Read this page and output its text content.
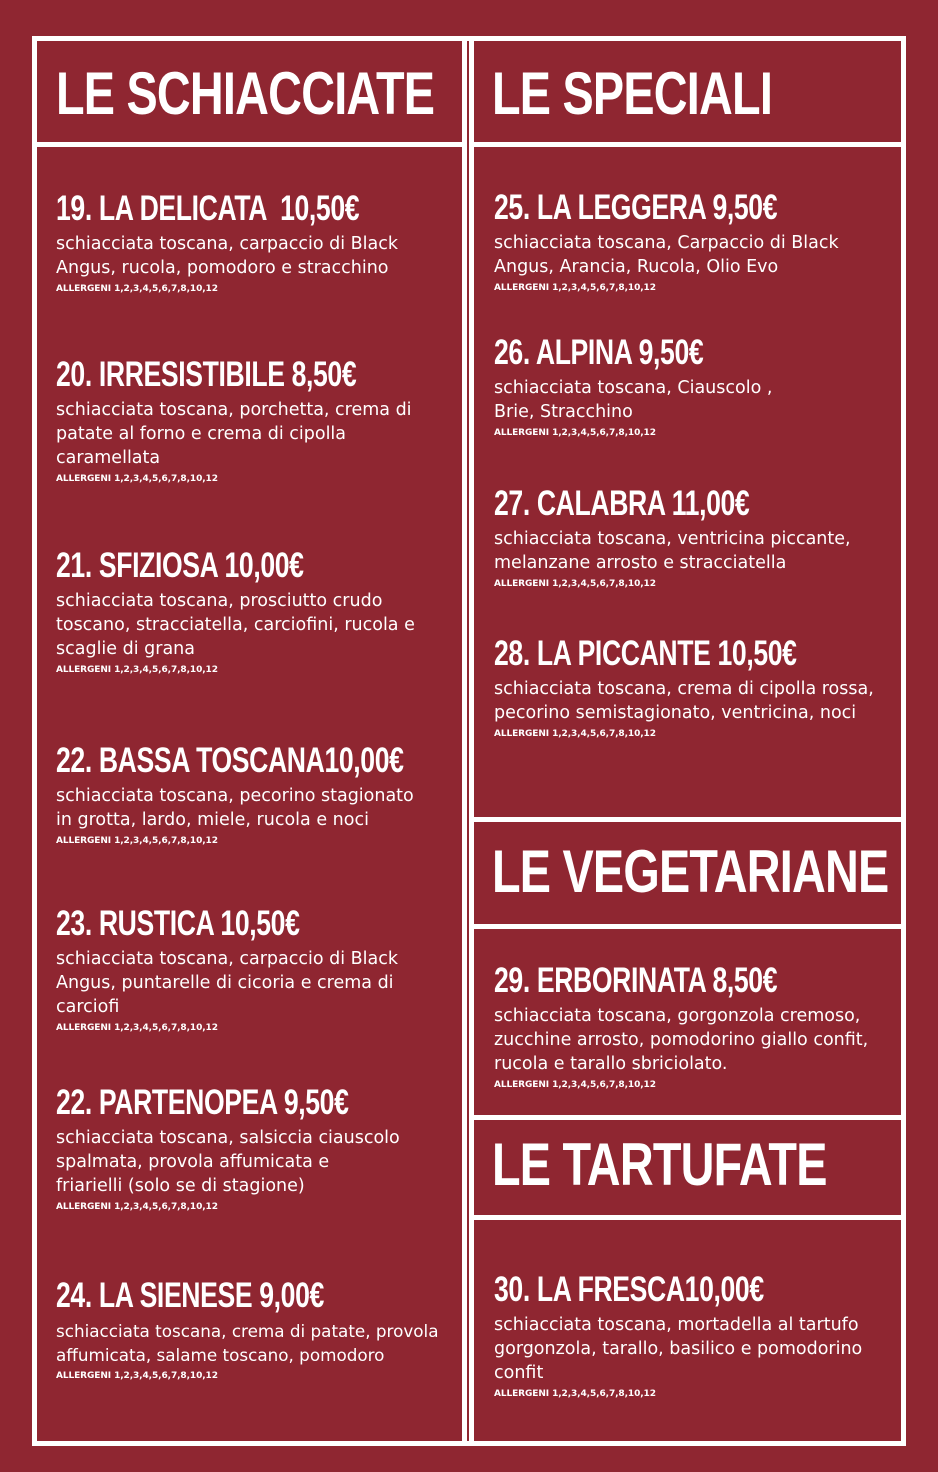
LE SCHIACCIATE LE SPECIALI
LE VEGETARIANE
LE TARTUFATE
19. LA DELICATA  10,50€
schiacciata toscana, carpaccio di Black
Angus, rucola, pomodoro e stracchino
ALLERGENI 1,2,3,4,5,6,7,8,10,12
20. IRRESISTIBILE 8,50€
schiacciata toscana, porchetta, crema di
patate al forno e crema di cipolla
caramellata
ALLERGENI 1,2,3,4,5,6,7,8,10,12
21. SFIZIOSA 10,00€
schiacciata toscana, prosciutto crudo
toscano, stracciatella, carciofini, rucola e
scaglie di grana
ALLERGENI 1,2,3,4,5,6,7,8,10,12
22. BASSA TOSCANA10,00€
schiacciata toscana, pecorino stagionato
in grotta, lardo, miele, rucola e noci
ALLERGENI 1,2,3,4,5,6,7,8,10,12
23. RUSTICA 10,50€
schiacciata toscana, carpaccio di Black
Angus, puntarelle di cicoria e crema di
carciofi
ALLERGENI 1,2,3,4,5,6,7,8,10,12
22. PARTENOPEA 9,50€
schiacciata toscana, salsiccia ciauscolo
spalmata, provola affumicata e
friarielli (solo se di stagione)
ALLERGENI 1,2,3,4,5,6,7,8,10,12
24. LA SIENESE 9,00€
schiacciata toscana, crema di patate, provola
affumicata, salame toscano, pomodoro
ALLERGENI 1,2,3,4,5,6,7,8,10,12
25. LA LEGGERA 9,50€
schiacciata toscana, Carpaccio di Black
Angus, Arancia, Rucola, Olio Evo
ALLERGENI 1,2,3,4,5,6,7,8,10,12
26. ALPINA 9,50€
schiacciata toscana, Ciauscolo ,
Brie, Stracchino
ALLERGENI 1,2,3,4,5,6,7,8,10,12
27. CALABRA 11,00€
schiacciata toscana, ventricina piccante,
melanzane arrosto e stracciatella
ALLERGENI 1,2,3,4,5,6,7,8,10,12
28. LA PICCANTE 10,50€
schiacciata toscana, crema di cipolla rossa,
pecorino semistagionato, ventricina, noci
ALLERGENI 1,2,3,4,5,6,7,8,10,12
29. ERBORINATA 8,50€
schiacciata toscana, gorgonzola cremoso,
zucchine arrosto, pomodorino giallo confit,
rucola e tarallo sbriciolato.
ALLERGENI 1,2,3,4,5,6,7,8,10,12
30. LA FRESCA10,00€
schiacciata toscana, mortadella al tartufo
gorgonzola, tarallo, basilico e pomodorino
confit
ALLERGENI 1,2,3,4,5,6,7,8,10,12
